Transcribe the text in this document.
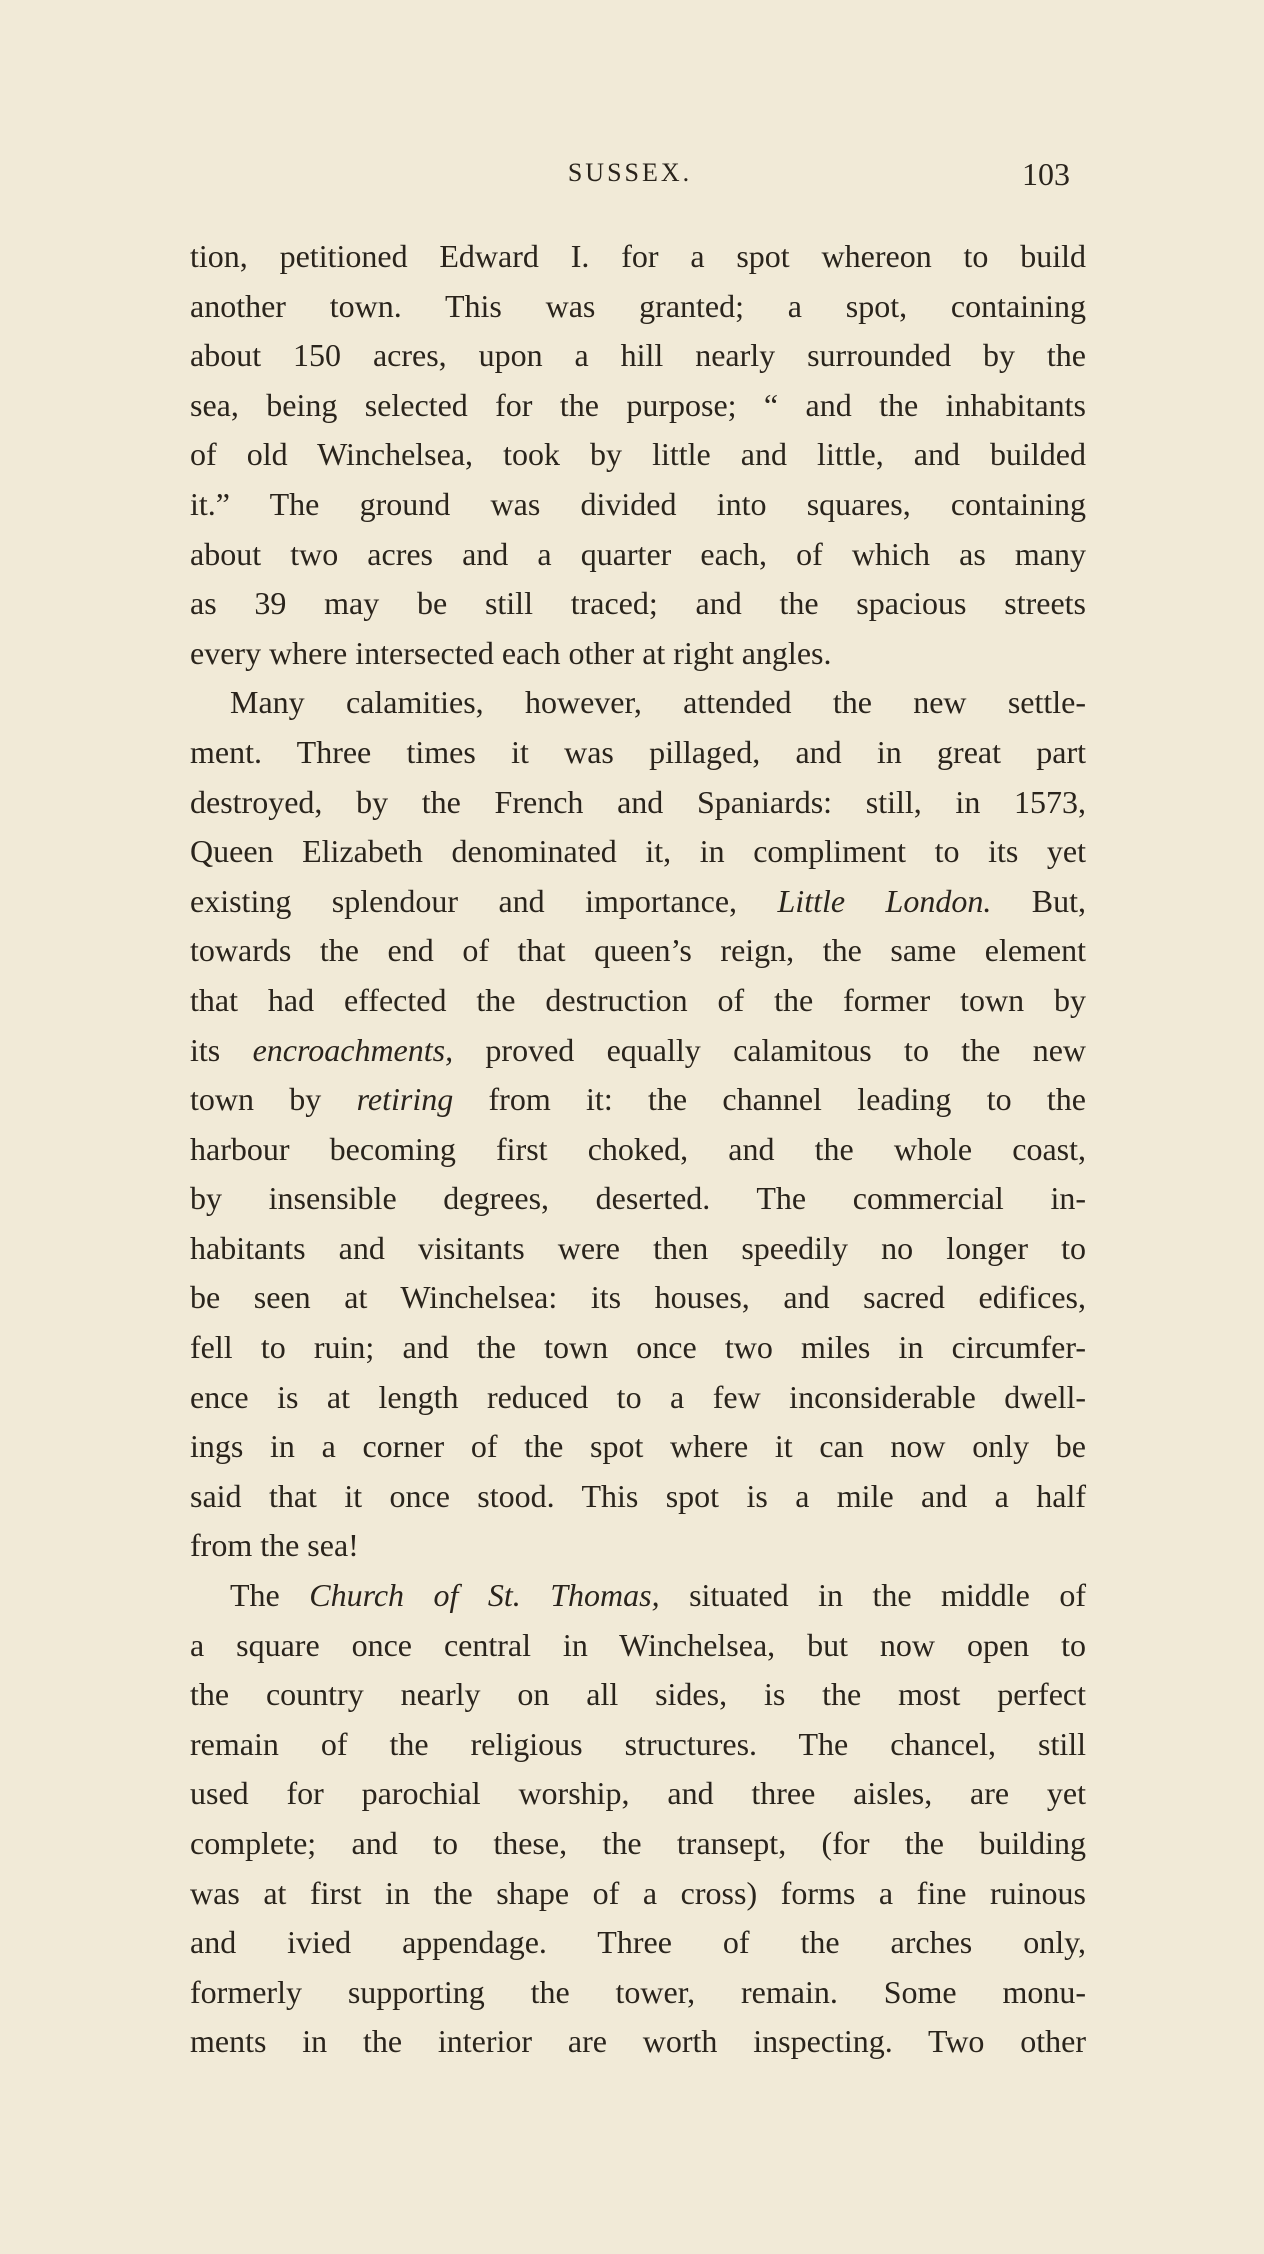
SUSSEX.	103
tion, petitioned Edward I. for a spot whereon to build
another town. This was granted; a spot, containing
about 150 acres, upon a hill nearly surrounded by the
sea, being selected for the purpose; “ and the inhabitants
of old Winchelsea, took by little and little, and builded
it.” The ground was divided into squares, containing
about two acres and a quarter each, of which as many
as 39 may be still traced; and the spacious streets
every where intersected each other at right angles.
Many calamities, however, attended the new settle-
ment. Three times it was pillaged, and in great part
destroyed, by the French and Spaniards: still, in 1573,
Queen Elizabeth denominated it, in compliment to its yet
existing splendour and importance, Little London. But,
towards the end of that queen’s reign, the same element
that had effected the destruction of the former town by
its encroachments, proved equally calamitous to the new
town by retiring from it: the channel leading to the
harbour becoming first choked, and the whole coast,
by insensible degrees, deserted. The commercial in-
habitants and visitants were then speedily no longer to
be seen at Winchelsea: its houses, and sacred edifices,
fell to ruin; and the town once two miles in circumfer-
ence is at length reduced to a few inconsiderable dwell-
ings in a corner of the spot where it can now only be
said that it once stood. This spot is a mile and a half
from the sea!
The Church of St. Thomas, situated in the middle of
a square once central in Winchelsea, but now open to
the country nearly on all sides, is the most perfect
remain of the religious structures. The chancel, still
used for parochial worship, and three aisles, are yet
complete; and to these, the transept, (for the building
was at first in the shape of a cross) forms a fine ruinous
and ivied appendage. Three of the arches only,
formerly supporting the tower, remain. Some monu-
ments in the interior are worth inspecting. Two other
